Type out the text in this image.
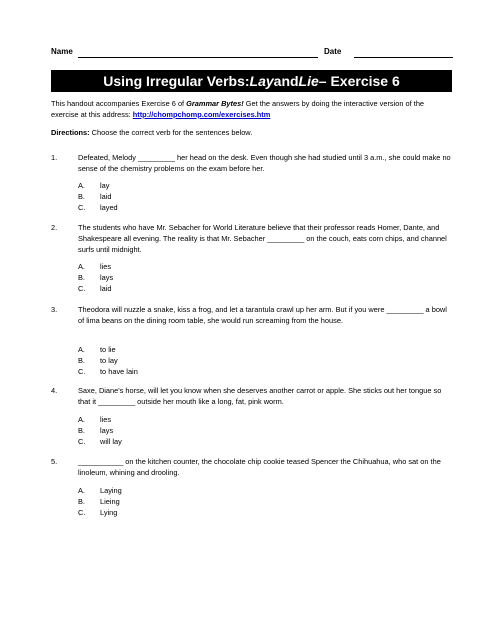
Name	Date
Using Irregular Verbs: Lay and Lie – Exercise 6
This handout accompanies Exercise 6 of Grammar Bytes! Get the answers by doing the interactive version of the exercise at this address: http://chompchomp.com/exercises.htm
Directions: Choose the correct verb for the sentences below.
1.	Defeated, Melody _________ her head on the desk. Even though she had studied until 3 a.m., she could make no sense of the chemistry problems on the exam before her.
A. lay
B. laid
C. layed
2.	The students who have Mr. Sebacher for World Literature believe that their professor reads Homer, Dante, and Shakespeare all evening. The reality is that Mr. Sebacher _________ on the couch, eats corn chips, and channel surfs until midnight.
A. lies
B. lays
C. laid
3.	Theodora will nuzzle a snake, kiss a frog, and let a tarantula crawl up her arm. But if you were _________ a bowl of lima beans on the dining room table, she would run screaming from the house.
A. to lie
B. to lay
C. to have lain
4.	Saxe, Diane's horse, will let you know when she deserves another carrot or apple. She sticks out her tongue so that it _________ outside her mouth like a long, fat, pink worm.
A. lies
B. lays
C. will lay
5.	___________ on the kitchen counter, the chocolate chip cookie teased Spencer the Chihuahua, who sat on the linoleum, whining and drooling.
A. Laying
B. Lieing
C. Lying
